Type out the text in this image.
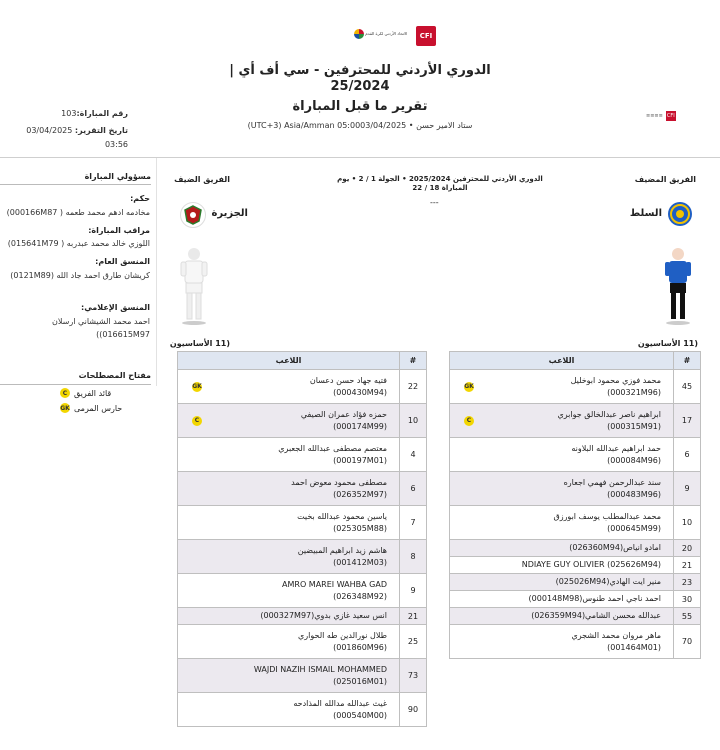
CFI
الاتحاد الأردني لكرة القدم
الدوري الأردني للمحترفين - سي أف أي |
25/2024
تقرير ما قبل المباراة
(UTC+3) Asia/Amman 05:0003/04/2025 • ستاد الامير حسن
≡≡≡≡ CFI
رقم المباراة:103
تاريخ التقرير: 03/04/2025
03:56
مسؤولي المباراة
حكم:
مخادمه ادهم محمد طعمه ( 000166M87)
مراقب المباراة:
اللوزي خالد محمد عبدربه ( 015641M79)
المنسق العام:
كريشان طارق احمد جاد الله (0121M89)
المنسق الإعلامي:
احمد محمد الشيشاني ارسلان
016615M97))
مفتاح المصطلحات
C قائد الفريق
GK حارس المرمى
الفريق المضيف
الفريق الضيف	الدوري الأردني للمحترفين 2025/2024 • الجولة 1 / 2 • يوم
المباراة 18 / 22
---
السلط
الجزيرة
(11 الأساسيون
(11 الأساسيون
اللاعب	#

محمد فوزي محمود ابوخليل
(000321M96)
GK	45

ابراهيم ناصر عبدالخالق جوابري
(000315M91)
C	17

حمد ابراهيم عبدالله البلاونه
(000084M96)	6

سند عبدالرحمن فهمي اجعاره
(000483M96)	9

محمد عبدالمطلب يوسف ابورزق
(000645M99)	10

امادو انياص(026360M94)	20

NDIAYE GUY OLIVIER (025626M94)	21

منير ايت الهادي(025026M94)	23

احمد ناجي احمد طنوس(000148M98)	30

عبدالله محسن الشامي(026359M94)	55

ماهر مروان محمد الشجري
(001464M01)	70
اللاعب	#

فتيه جهاد حسن دعسان
(000430M94)
GK	22

حمزه فؤاد عمران الصيفي
(000174M99)
C	10

معتصم مصطفى عبدالله الجعبري
(000197M01)	4

مصطفى محمود معوض احمد
(026352M97)	6

ياسين محمود عبدالله بخيت
(025305M88)	7

هاشم زيد ابراهيم المبيضين
(001412M03)	8

AMRO MAREI WAHBA GAD
(026348M92)	9

انس سعيد غازي بدوي(000327M97)	21

طلال نورالدين طه الحواري
(001860M96)	25

WAJDI NAZIH ISMAIL MOHAMMED
(025016M01)	73

غيث عبدالله مدالله المذادحه
(000540M00)	90
